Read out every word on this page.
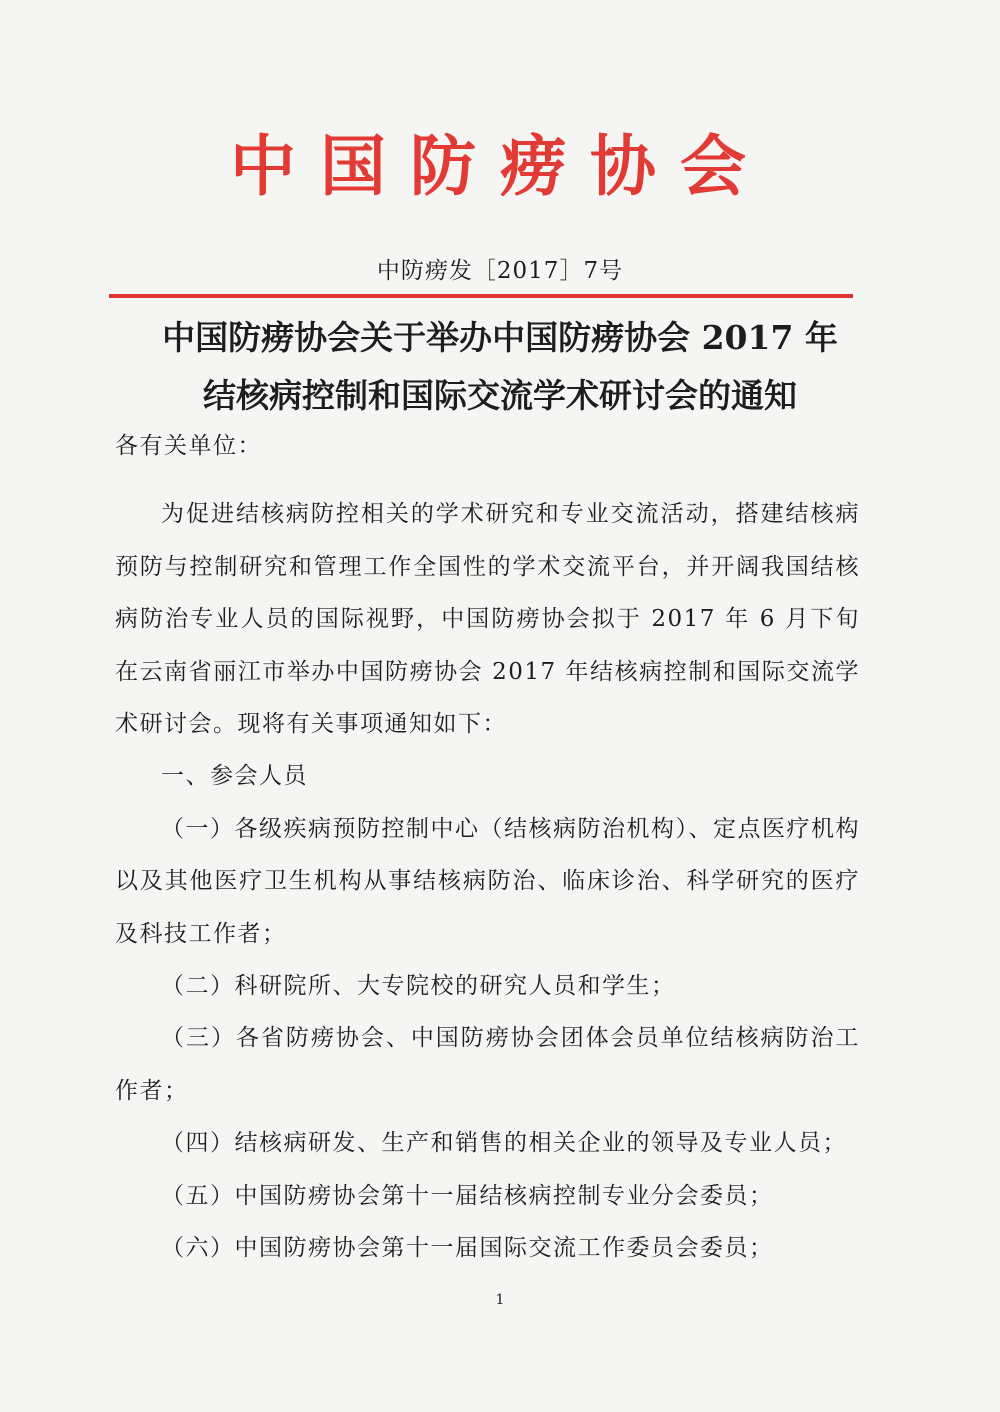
中国防痨协会
中防痨发［2017］7号
中国防痨协会关于举办中国防痨协会 2017 年
结核病控制和国际交流学术研讨会的通知

各有关单位：

为促进结核病防控相关的学术研究和专业交流活动，搭建结核病预防与控制研究和管理工作全国性的学术交流平台，并开阔我国结核病防治专业人员的国际视野，中国防痨协会拟于 2017 年 6 月下旬在云南省丽江市举办中国防痨协会 2017 年结核病控制和国际交流学术研讨会。现将有关事项通知如下：

一、参会人员

（一）各级疾病预防控制中心（结核病防治机构）、定点医疗机构以及其他医疗卫生机构从事结核病防治、临床诊治、科学研究的医疗及科技工作者；

（二）科研院所、大专院校的研究人员和学生；

（三）各省防痨协会、中国防痨协会团体会员单位结核病防治工作者；

（四）结核病研发、生产和销售的相关企业的领导及专业人员；

（五）中国防痨协会第十一届结核病控制专业分会委员；

（六）中国防痨协会第十一届国际交流工作委员会委员；

1
